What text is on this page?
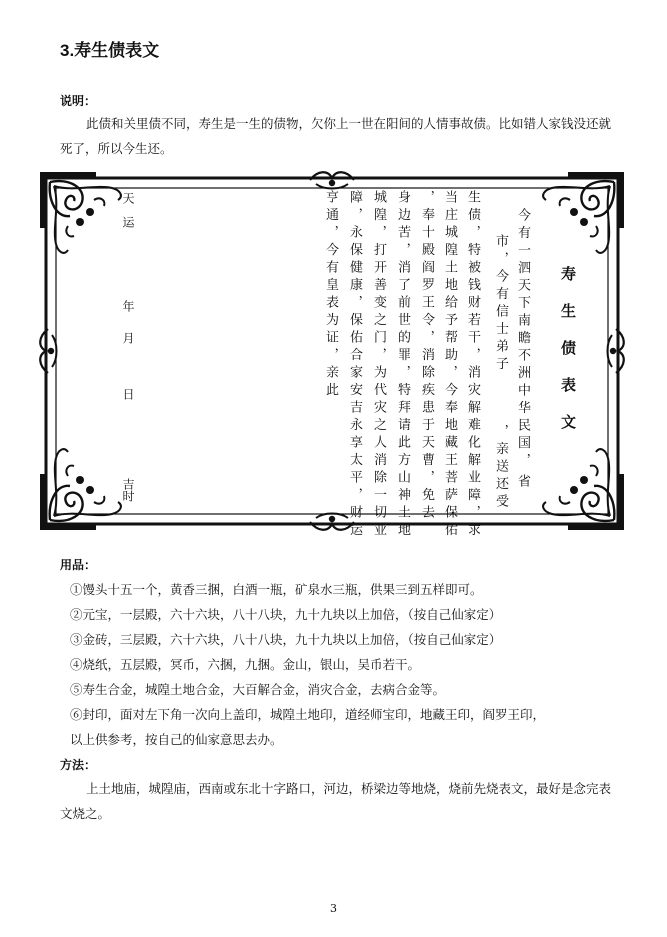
3.寿生债表文
说明：
此债和关里债不同，寿生是一生的债物，欠你上一世在阳间的人情事故债。比如错人家钱没还就死了，所以今生还。
寿生债表文
今有一泗天下南瞻不洲中华民国，
省
市，今有信士弟子
，亲送还受
生债，特被钱财若干，消灾解难化解业障，求
当庄城隍土地给予帮助，今奉地藏王菩萨保佑
，奉十殿阎罗王令，消除疾患于天曹，免去
身边苦，消了前世的罪，特拜请此方山神土地
城隍，打开善变之门，为代灾之人消除一切业
障，永保健康，保佑合家安吉永享太平，财运
亨通，今有皇表为证，亲此
天运
年
月
日
吉时
用品：
①馒头十五一个，黄香三捆，白酒一瓶，矿泉水三瓶，供果三到五样即可。
②元宝，一层殿，六十六块，八十八块，九十九块以上加倍，（按自己仙家定）
③金砖，三层殿，六十六块，八十八块，九十九块以上加倍，（按自己仙家定）
④烧纸，五层殿，冥币，六捆，九捆。金山，银山，吴币若干。
⑤寿生合金，城隍土地合金，大百解合金，消灾合金，去病合金等。
⑥封印，面对左下角一次向上盖印，城隍土地印，道经师宝印，地藏王印，阎罗王印，
以上供参考，按自己的仙家意思去办。
方法：
上土地庙，城隍庙，西南或东北十字路口，河边，桥梁边等地烧，烧前先烧表文，最好是念完表文烧之。
3
